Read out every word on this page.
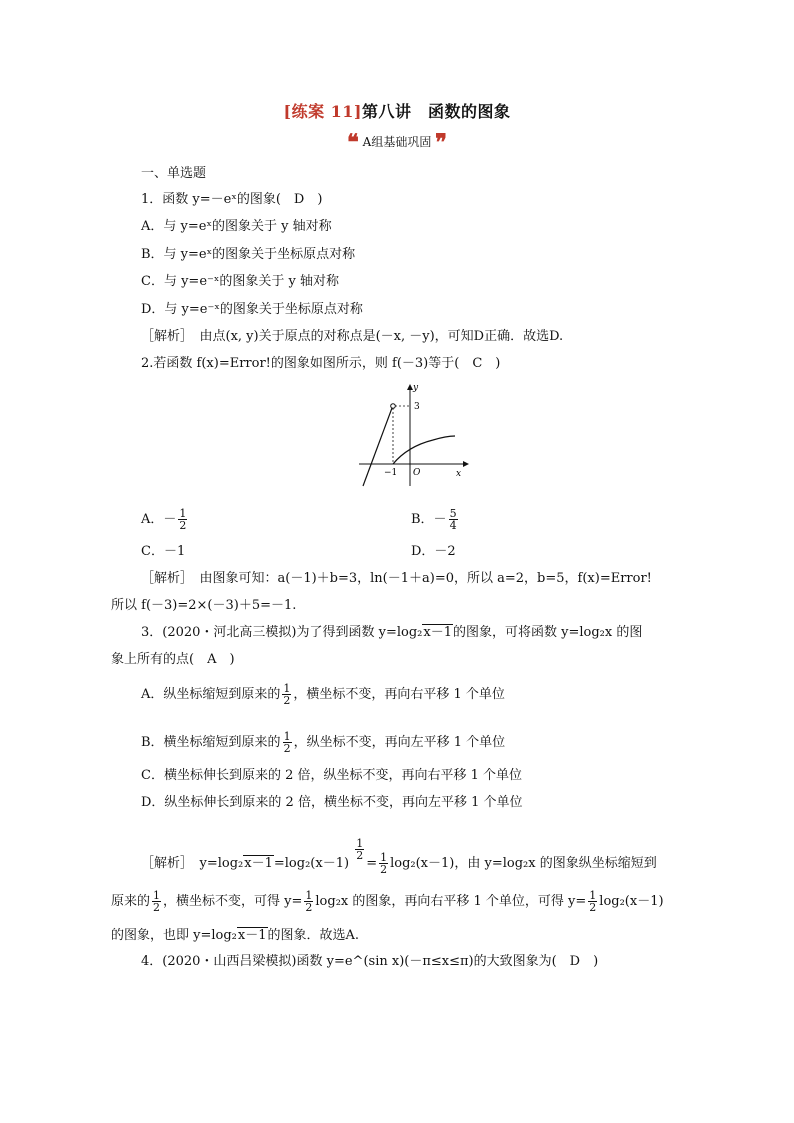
[练案 11]第八讲　函数的图象
❝ A组基础巩固 ❞
一、单选题
1．函数 y=－eˣ的图象(　D　)
A．与 y=eˣ的图象关于 y 轴对称
B．与 y=eˣ的图象关于坐标原点对称
C．与 y=e⁻ˣ的图象关于 y 轴对称
D．与 y=e⁻ˣ的图象关于坐标原点对称
［解析］　由点(x, y)关于原点的对称点是(－x, －y)，可知D正确．故选D.
2.若函数 f(x)=Error!的图象如图所示，则 f(－3)等于(　C　)
y
x
O
−1
3
A．－ $\frac{1}{2}$	B．－ $\frac{5}{4}$
C．－1	D．－2
［解析］　由图象可知：a(－1)＋b=3，ln(－1＋a)=0，所以 a=2，b=5，f(x)=Error!
所以 f(－3)=2×(－3)＋5=－1.
3．(2020・河北高三模拟)为了得到函数 y=log₂x－1的图象，可将函数 y=log₂x 的图
象上所有的点(　A　)
A．纵坐标缩短到原来的 $\frac{1}{2}$ ，横坐标不变，再向右平移 1 个单位
B．横坐标缩短到原来的 $\frac{1}{2}$ ，纵坐标不变，再向左平移 1 个单位
C．横坐标伸长到原来的 2 倍，纵坐标不变，再向右平移 1 个单位
D．纵坐标伸长到原来的 2 倍，横坐标不变，再向左平移 1 个单位
［解析］　y=log₂x－1=log₂(x－1)
$\frac{1}{2}$
= $\frac{1}{2} \log_2(x-1)$，由 y=log₂x 的图象纵坐标缩短到
原来的 $\frac{1}{2}$ ，横坐标不变，可得 $y= \frac{1}{2} \log_2x$ 的图象，再向右平移 1 个单位，可得 $y= \frac{1}{2} \log_2(x-1)$
的图象，也即 y=log₂x－1的图象．故选A.
4．(2020・山西吕梁模拟)函数 y=e^(sin x)(－π≤x≤π)的大致图象为(　D　)
